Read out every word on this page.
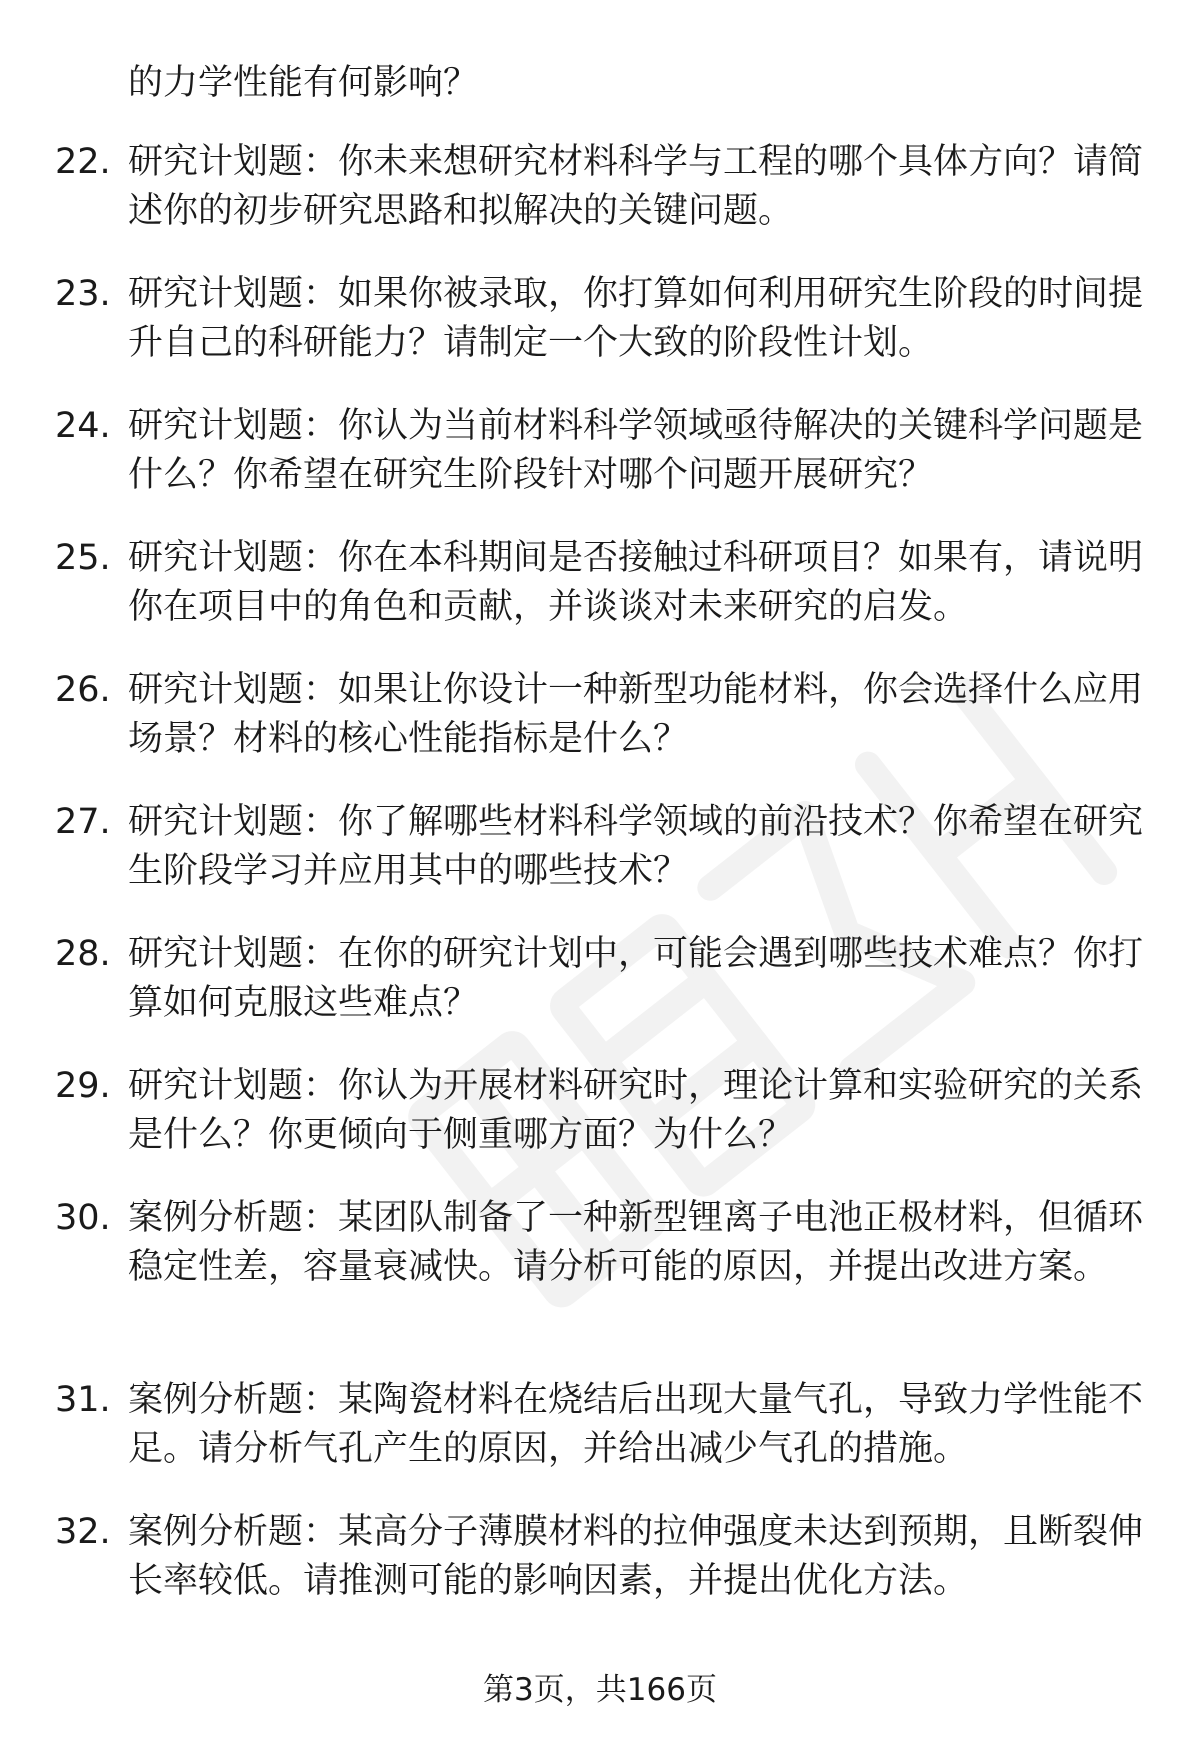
的力学性能有何影响？

22. 研究计划题：你未来想研究材料科学与工程的哪个具体方向？请简述你的初步研究思路和拟解决的关键问题。

23. 研究计划题：如果你被录取，你打算如何利用研究生阶段的时间提升自己的科研能力？请制定一个大致的阶段性计划。

24. 研究计划题：你认为当前材料科学领域亟待解决的关键科学问题是什么？你希望在研究生阶段针对哪个问题开展研究？

25. 研究计划题：你在本科期间是否接触过科研项目？如果有，请说明你在项目中的角色和贡献，并谈谈对未来研究的启发。

26. 研究计划题：如果让你设计一种新型功能材料，你会选择什么应用场景？材料的核心性能指标是什么？

27. 研究计划题：你了解哪些材料科学领域的前沿技术？你希望在研究生阶段学习并应用其中的哪些技术？

28. 研究计划题：在你的研究计划中，可能会遇到哪些技术难点？你打算如何克服这些难点？

29. 研究计划题：你认为开展材料研究时，理论计算和实验研究的关系是什么？你更倾向于侧重哪方面？为什么？

30. 案例分析题：某团队制备了一种新型锂离子电池正极材料，但循环稳定性差，容量衰减快。请分析可能的原因，并提出改进方案。

31. 案例分析题：某陶瓷材料在烧结后出现大量气孔，导致力学性能不足。请分析气孔产生的原因，并给出减少气孔的措施。

32. 案例分析题：某高分子薄膜材料的拉伸强度未达到预期，且断裂伸长率较低。请推测可能的影响因素，并提出优化方法。

第3页，共166页
